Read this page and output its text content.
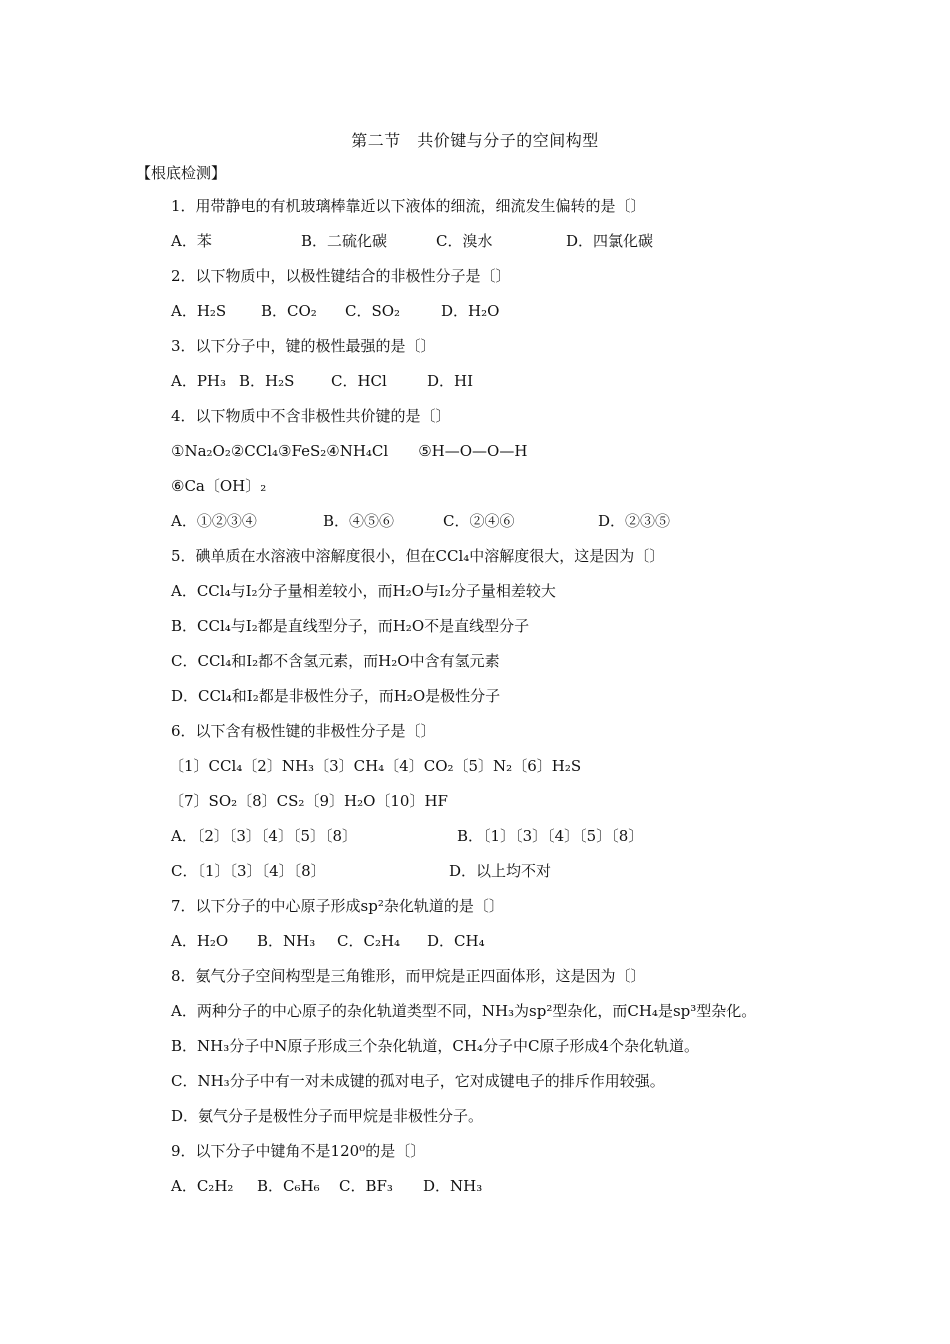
第二节　共价键与分子的空间构型
【根底检测】
1．用带静电的有机玻璃棒靠近以下液体的细流，细流发生偏转的是〔〕
A．苯	B．二硫化碳	C．溴水	D．四氯化碳
2．以下物质中，以极性键结合的非极性分子是〔〕
A．H₂S	B．CO₂	C．SO₂	D．H₂O
3．以下分子中，键的极性最强的是〔〕
A．PH₃ B．H₂S	C．HCl	D．HI
4．以下物质中不含非极性共价键的是〔〕
①Na₂O₂②CCl₄③FeS₂④NH₄Cl　　⑤H—O—O—H
⑥Ca〔OH〕₂
A．①②③④	B．④⑤⑥	C．②④⑥	D．②③⑤
5．碘单质在水溶液中溶解度很小，但在CCl₄中溶解度很大，这是因为〔〕
A．CCl₄与I₂分子量相差较小，而H₂O与I₂分子量相差较大
B．CCl₄与I₂都是直线型分子，而H₂O不是直线型分子
C．CCl₄和I₂都不含氢元素，而H₂O中含有氢元素
D．CCl₄和I₂都是非极性分子，而H₂O是极性分子
6．以下含有极性键的非极性分子是〔〕
〔1〕CCl₄〔2〕NH₃〔3〕CH₄〔4〕CO₂〔5〕N₂〔6〕H₂S
〔7〕SO₂〔8〕CS₂〔9〕H₂O〔10〕HF
A．〔2〕〔3〕〔4〕〔5〕〔8〕	B．〔1〕〔3〕〔4〕〔5〕〔8〕
C．〔1〕〔3〕〔4〕〔8〕	D．以上均不对
7．以下分子的中心原子形成sp²杂化轨道的是〔〕
A．H₂O	B．NH₃	C．C₂H₄	D．CH₄
8．氨气分子空间构型是三角锥形，而甲烷是正四面体形，这是因为〔〕
A．两种分子的中心原子的杂化轨道类型不同，NH₃为sp²型杂化，而CH₄是sp³型杂化。
B．NH₃分子中N原子形成三个杂化轨道，CH₄分子中C原子形成4个杂化轨道。
C．NH₃分子中有一对未成键的孤对电子，它对成键电子的排斥作用较强。
D．氨气分子是极性分子而甲烷是非极性分子。
9．以下分子中键角不是120⁰的是〔〕
A．C₂H₂	B．C₆H₆	C．BF₃	D．NH₃
